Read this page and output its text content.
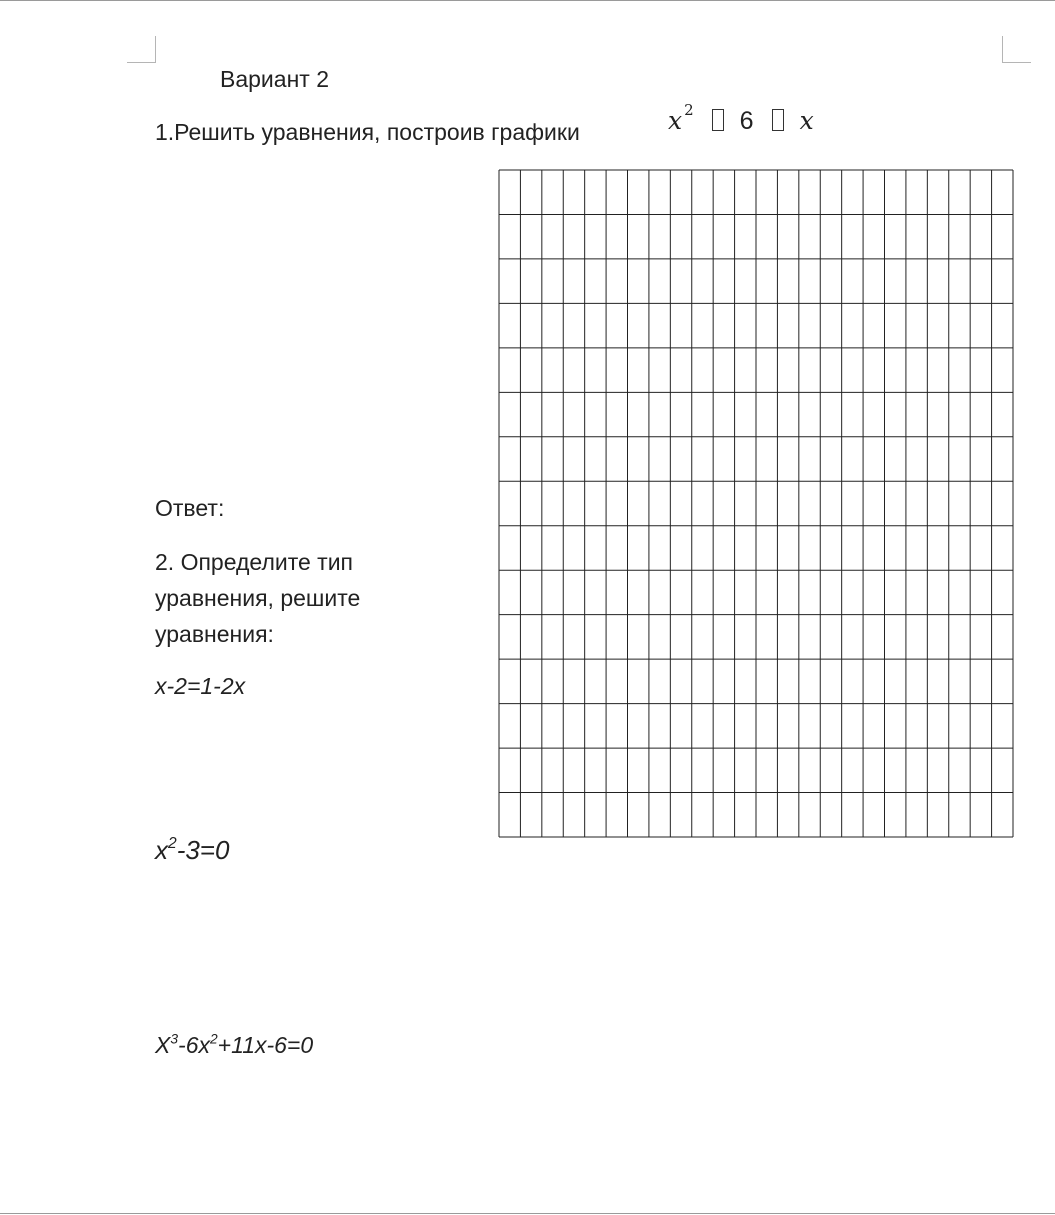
Вариант 2
1.Решить уравнения, построив графики	x $^2$ 6 x
Ответ:
2. Определите тип уравнения, решите уравнения:
x-2=1-2x
$x^2-3=0$
$X^3-6x^2+11x-6=0$
